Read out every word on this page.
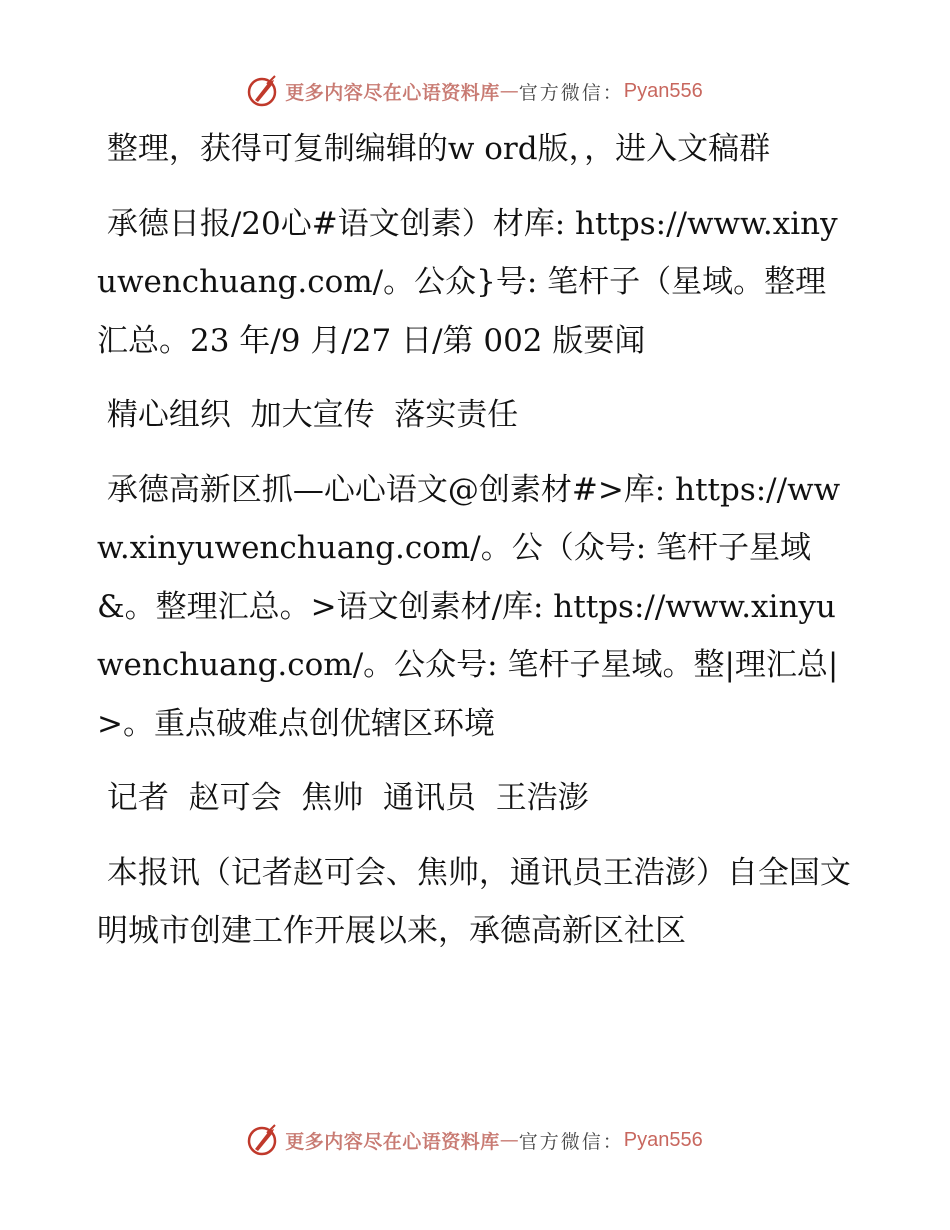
更多内容尽在心语资料库 — 官方微信： Pyan556

整理，获得可复制编辑的w ord版，，进入文稿群

承德日报/20心#语文创素）材库: https://www.xinyuwenchuang.com/。公众}号: 笔杆子（星域。整理汇总。23 年/9 月/27 日/第 002 版要闻

精心组织  加大宣传  落实责任

承德高新区抓—心心语文@创素材#>库: https://www.xinyuwenchuang.com/。公（众号: 笔杆子星域&。整理汇总。>语文创素材/库: https://www.xinyuwenchuang.com/。公众号: 笔杆子星域。整|理汇总|>。重点破难点创优辖区环境

记者  赵可会  焦帅  通讯员  王浩澎

本报讯（记者赵可会、焦帅，通讯员王浩澎）自全国文明城市创建工作开展以来，承德高新区社区

更多内容尽在心语资料库 — 官方微信： Pyan556
